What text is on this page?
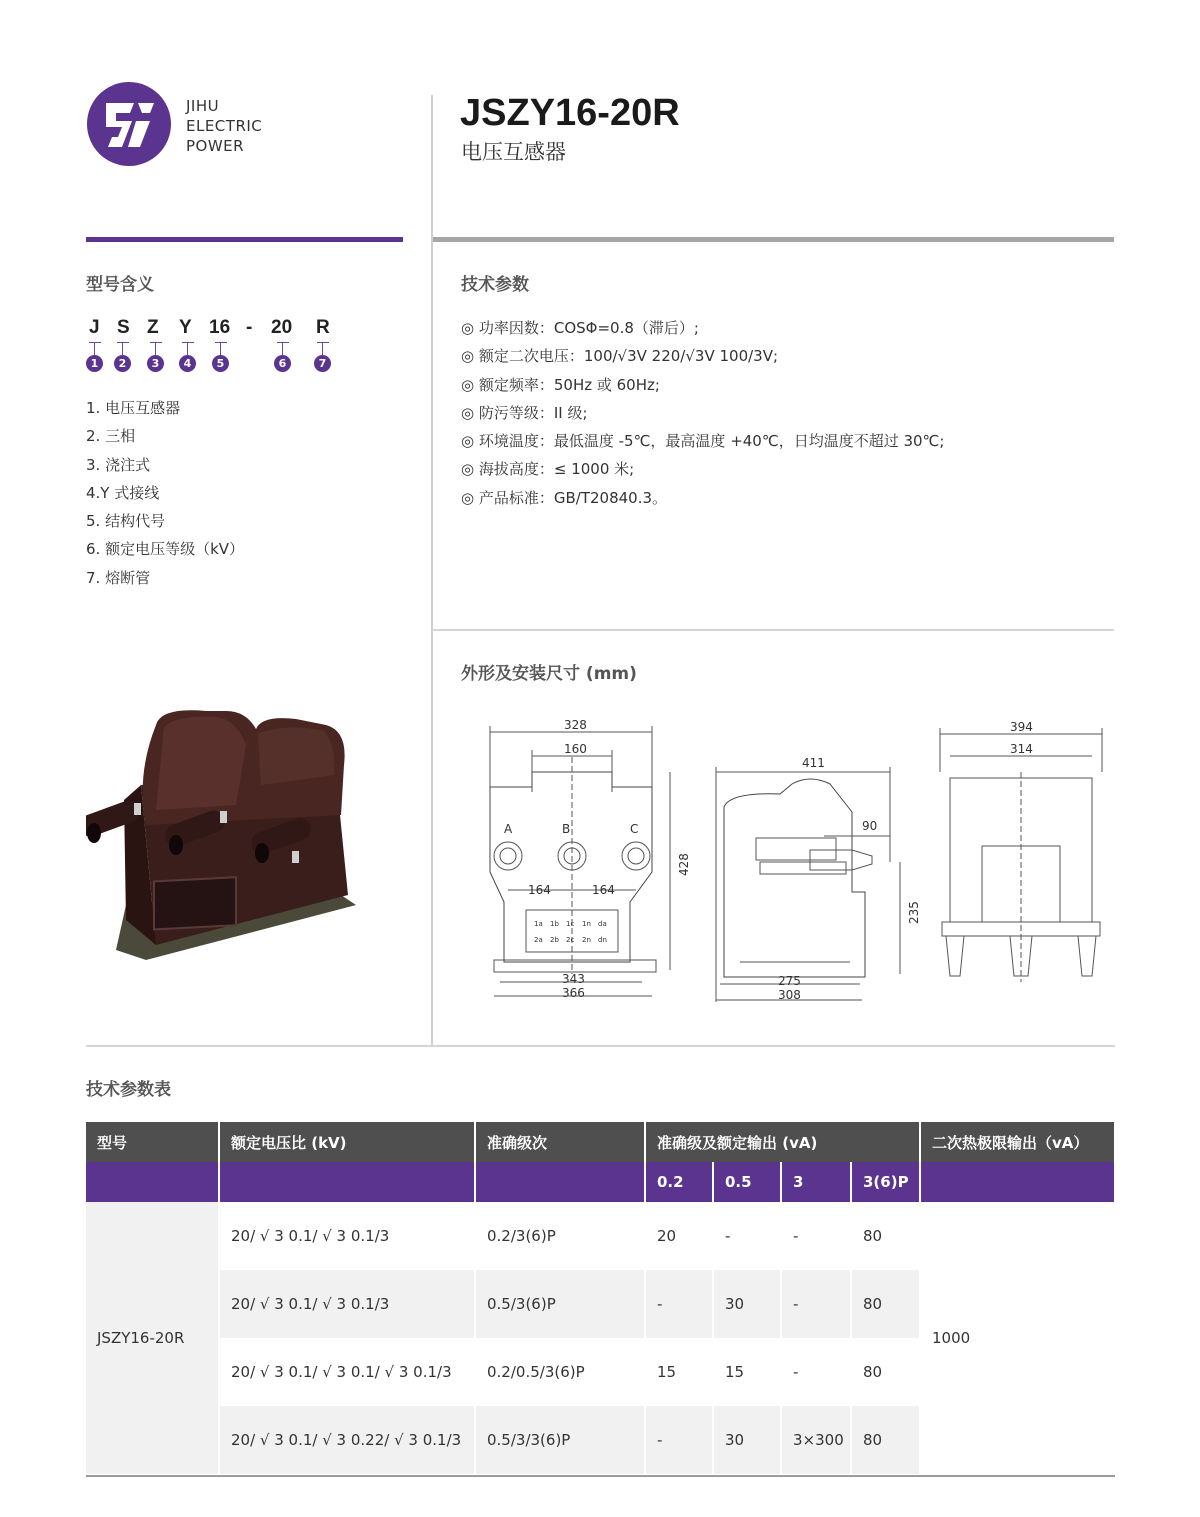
JIHU
ELECTRIC
POWER
JSZY16-20R
电压互感器
型号含义
J S Z Y 16 - 20 R
1	2	3	4	5	6	7
1. 电压互感器
2. 三相
3. 浇注式
4.Y 式接线
5. 结构代号
6. 额定电压等级（kV）
7. 熔断管
技术参数
◎ 功率因数：COSΦ=0.8（滞后）;
◎ 额定二次电压：100/√3V 220/√3V 100/3V;
◎ 额定频率：50Hz 或 60Hz;
◎ 防污等级：II 级;
◎ 环境温度：最低温度 -5℃，最高温度 +40℃，日均温度不超过 30℃;
◎ 海拔高度：≤ 1000 米;
◎ 产品标准：GB/T20840.3。
外形及安装尺寸 (mm)
328
160
428
164	164
343
366
A	B	C
1a 1b 1c 1n da
2a 2b 2c 2n dn
411
90
235
275
308
394
314
技术参数表
型号	额定电压比 (kV)	准确级次	准确级及额定输出 (vA)				二次热极限输出（vA）
			0.2	0.5	3	3(6)P	
JSZY16-20R	20/ √ 3 0.1/ √ 3 0.1/3	0.2/3(6)P	20	-	-	80	1000
	20/ √ 3 0.1/ √ 3 0.1/3	0.5/3(6)P	-	30	-	80	
	20/ √ 3 0.1/ √ 3 0.1/ √ 3 0.1/3	0.2/0.5/3(6)P	15	15	-	80	
	20/ √ 3 0.1/ √ 3 0.22/ √ 3 0.1/3	0.5/3/3(6)P	-	30	3×300	80	
